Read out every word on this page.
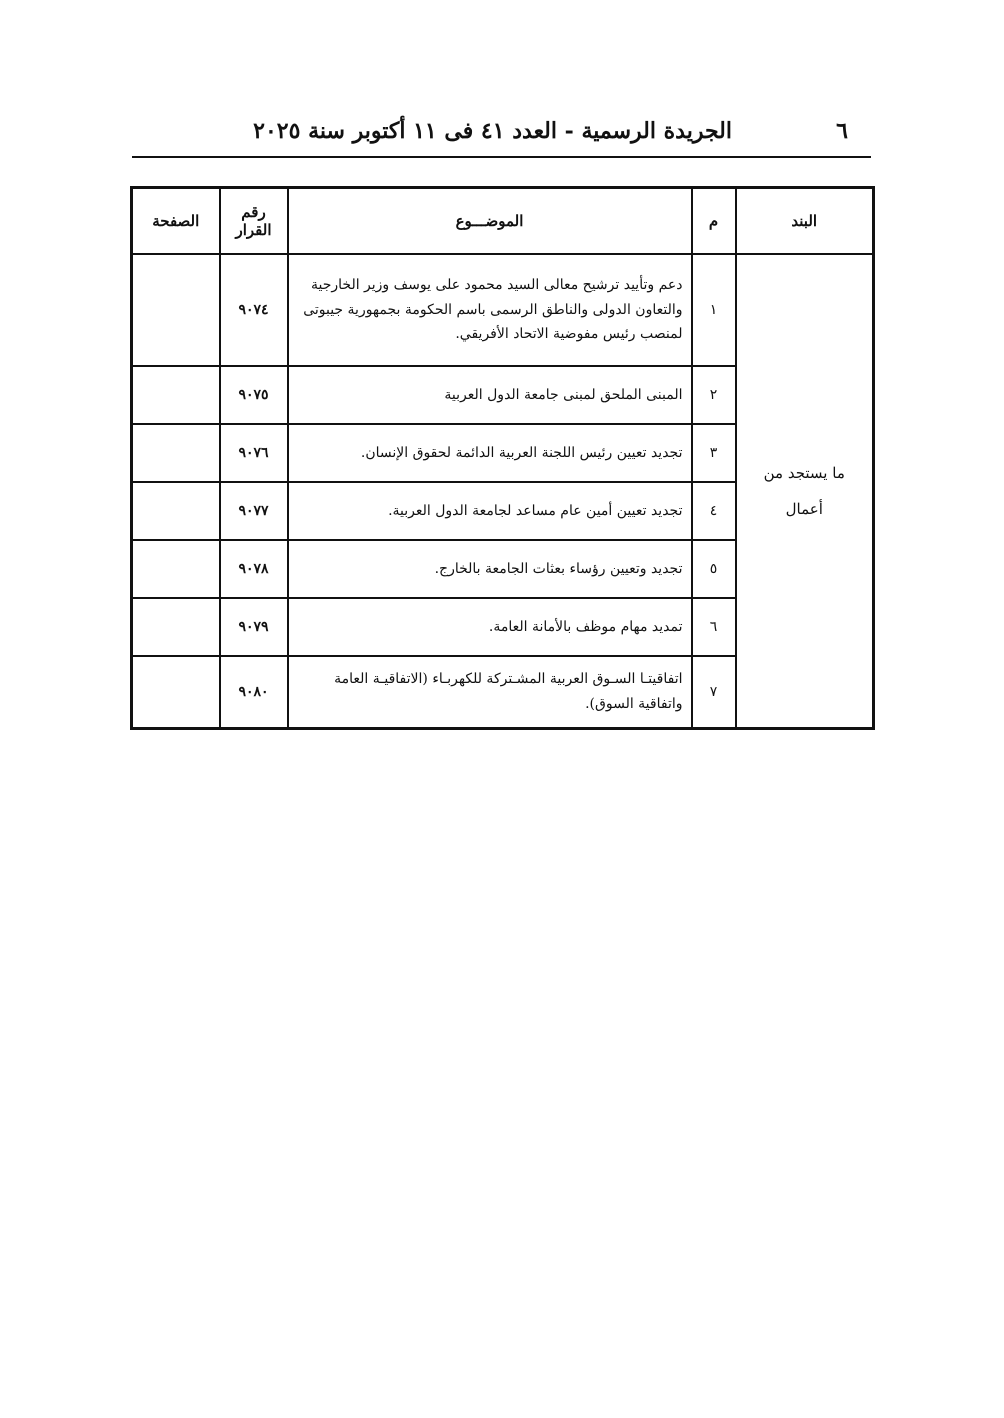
٦
الجريدة الرسمية - العدد ٤١ فى ١١ أكتوبر سنة ٢٠٢٥
البند	م	الموضـــوع	رقم القرار	الصفحة
ما يستجد من أعمال	١	دعم وتأييد ترشيح معالى السيد محمود على يوسف وزير الخارجية والتعاون الدولى والناطق الرسمى باسم الحكومة بجمهورية جيبوتى لمنصب رئيس مفوضية الاتحاد الأفريقي.	٩٠٧٤	
	٢	المبنى الملحق لمبنى جامعة الدول العربية	٩٠٧٥	
	٣	تجديد تعيين رئيس اللجنة العربية الدائمة لحقوق الإنسان.	٩٠٧٦	
	٤	تجديد تعيين أمين عام مساعد لجامعة الدول العربية.	٩٠٧٧	
	٥	تجديد وتعيين رؤساء بعثات الجامعة بالخارج.	٩٠٧٨	
	٦	تمديد مهام موظف بالأمانة العامة.	٩٠٧٩	
	٧	اتفاقيتـا السـوق العربية المشـتركة للكهربـاء (الاتفاقيـة العامة واتفاقية السوق).	٩٠٨٠	
